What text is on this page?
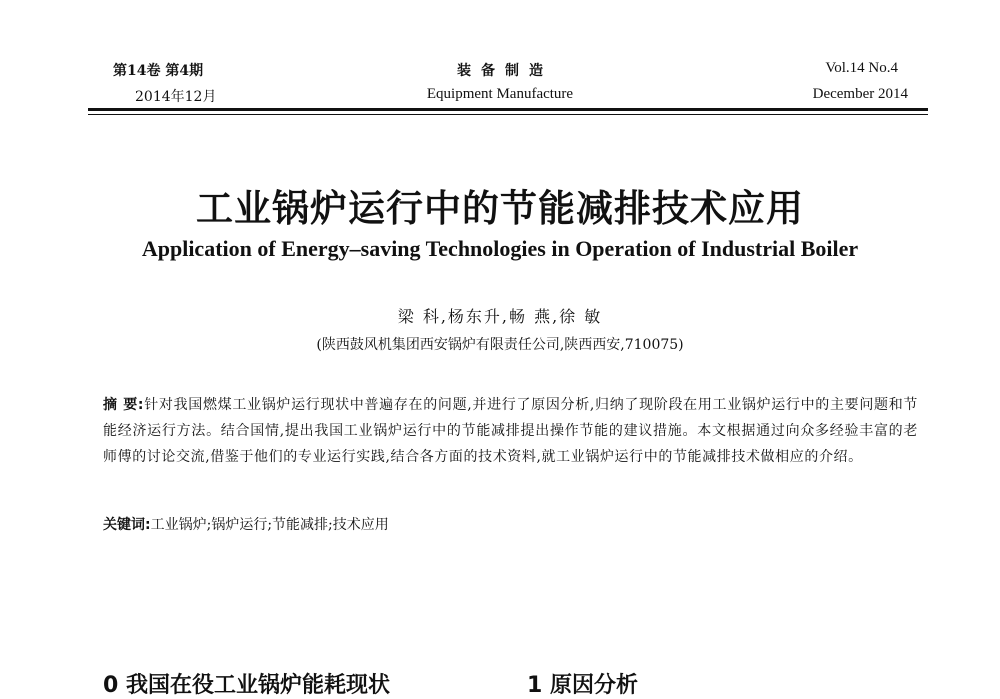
第14卷 第4期
2014年12月
装备制造
Equipment Manufacture
Vol.14 No.4
December 2014
工业锅炉运行中的节能减排技术应用
Application of Energy–saving Technologies in Operation of Industrial Boiler
梁 科,杨东升,畅 燕,徐 敏
(陕西鼓风机集团西安锅炉有限责任公司,陕西西安,710075)
摘 要:针对我国燃煤工业锅炉运行现状中普遍存在的问题,并进行了原因分析,归纳了现阶段在用工业锅炉运行中的主要问题和节能经济运行方法。结合国情,提出我国工业锅炉运行中的节能减排提出操作节能的建议措施。本文根据通过向众多经验丰富的老师傅的讨论交流,借鉴于他们的专业运行实践,结合各方面的技术资料,就工业锅炉运行中的节能减排技术做相应的介绍。
关键词:工业锅炉;锅炉运行;节能减排;技术应用
0 我国在役工业锅炉能耗现状	1 原因分析
